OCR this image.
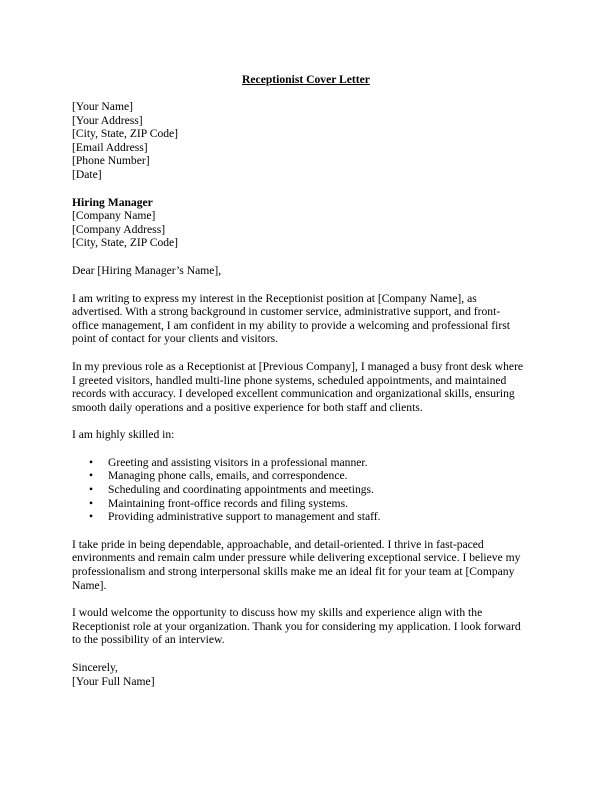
Receptionist Cover Letter
[Your Name]
[Your Address]
[City, State, ZIP Code]
[Email Address]
[Phone Number]
[Date]
Hiring Manager
[Company Name]
[Company Address]
[City, State, ZIP Code]

Dear [Hiring Manager’s Name],

I am writing to express my interest in the Receptionist position at [Company Name], as
advertised. With a strong background in customer service, administrative support, and front-
office management, I am confident in my ability to provide a welcoming and professional first
point of contact for your clients and visitors.

In my previous role as a Receptionist at [Previous Company], I managed a busy front desk where
I greeted visitors, handled multi-line phone systems, scheduled appointments, and maintained
records with accuracy. I developed excellent communication and organizational skills, ensuring
smooth daily operations and a positive experience for both staff and clients.

I am highly skilled in:

• Greeting and assisting visitors in a professional manner.
• Managing phone calls, emails, and correspondence.
• Scheduling and coordinating appointments and meetings.
• Maintaining front-office records and filing systems.
• Providing administrative support to management and staff.

I take pride in being dependable, approachable, and detail-oriented. I thrive in fast-paced
environments and remain calm under pressure while delivering exceptional service. I believe my
professionalism and strong interpersonal skills make me an ideal fit for your team at [Company
Name].

I would welcome the opportunity to discuss how my skills and experience align with the
Receptionist role at your organization. Thank you for considering my application. I look forward
to the possibility of an interview.

Sincerely,
[Your Full Name]
